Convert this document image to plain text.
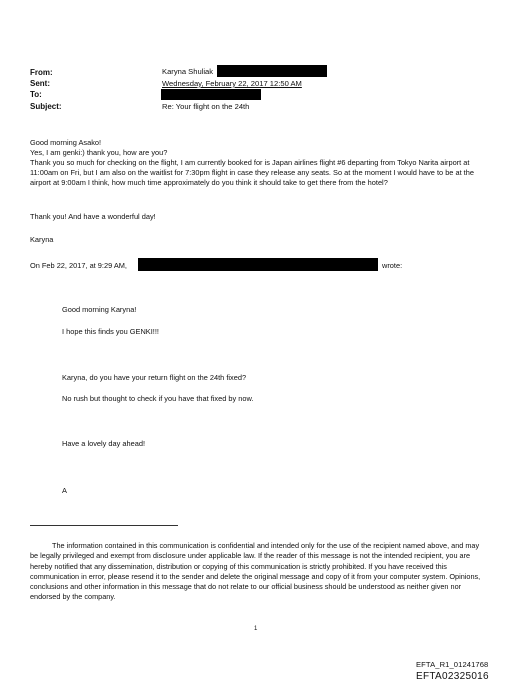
From:
Sent:
To:
Subject:
Karyna Shuliak
Wednesday, February 22, 2017 12:50 AM
Re: Your flight on the 24th
Good morning Asako!
Yes, I am genki:) thank you, how are you?
Thank you so much for checking on the flight, I am currently booked for is Japan airlines flight #6 departing from Tokyo Narita airport at 11:00am on Fri, but I am also on the waitlist for 7:30pm flight in case they release any seats. So at the moment I would have to be at the airport at 9:00am I think, how much time approximately do you think it should take to get there from the hotel?
Thank you! And have a wonderful day!
Karyna
On Feb 22, 2017, at 9:29 AM,	wrote:
Good morning Karyna!
I hope this finds you GENKI!!!
Karyna, do you have your return flight on the 24th fixed?
No rush but thought to check if you have that fixed by now.
Have a lovely day ahead!
A
The information contained in this communication is confidential and intended only for the use of the recipient named above, and may be legally privileged and exempt from disclosure under applicable law. If the reader of this message is not the intended recipient, you are hereby notified that any dissemination, distribution or copying of this communication is strictly prohibited. If you have received this communication in error, please resend it to the sender and delete the original message and copy of it from your computer system. Opinions, conclusions and other information in this message that do not relate to our official business should be understood as neither given nor endorsed by the company.
1
EFTA_R1_01241768
EFTA02325016
